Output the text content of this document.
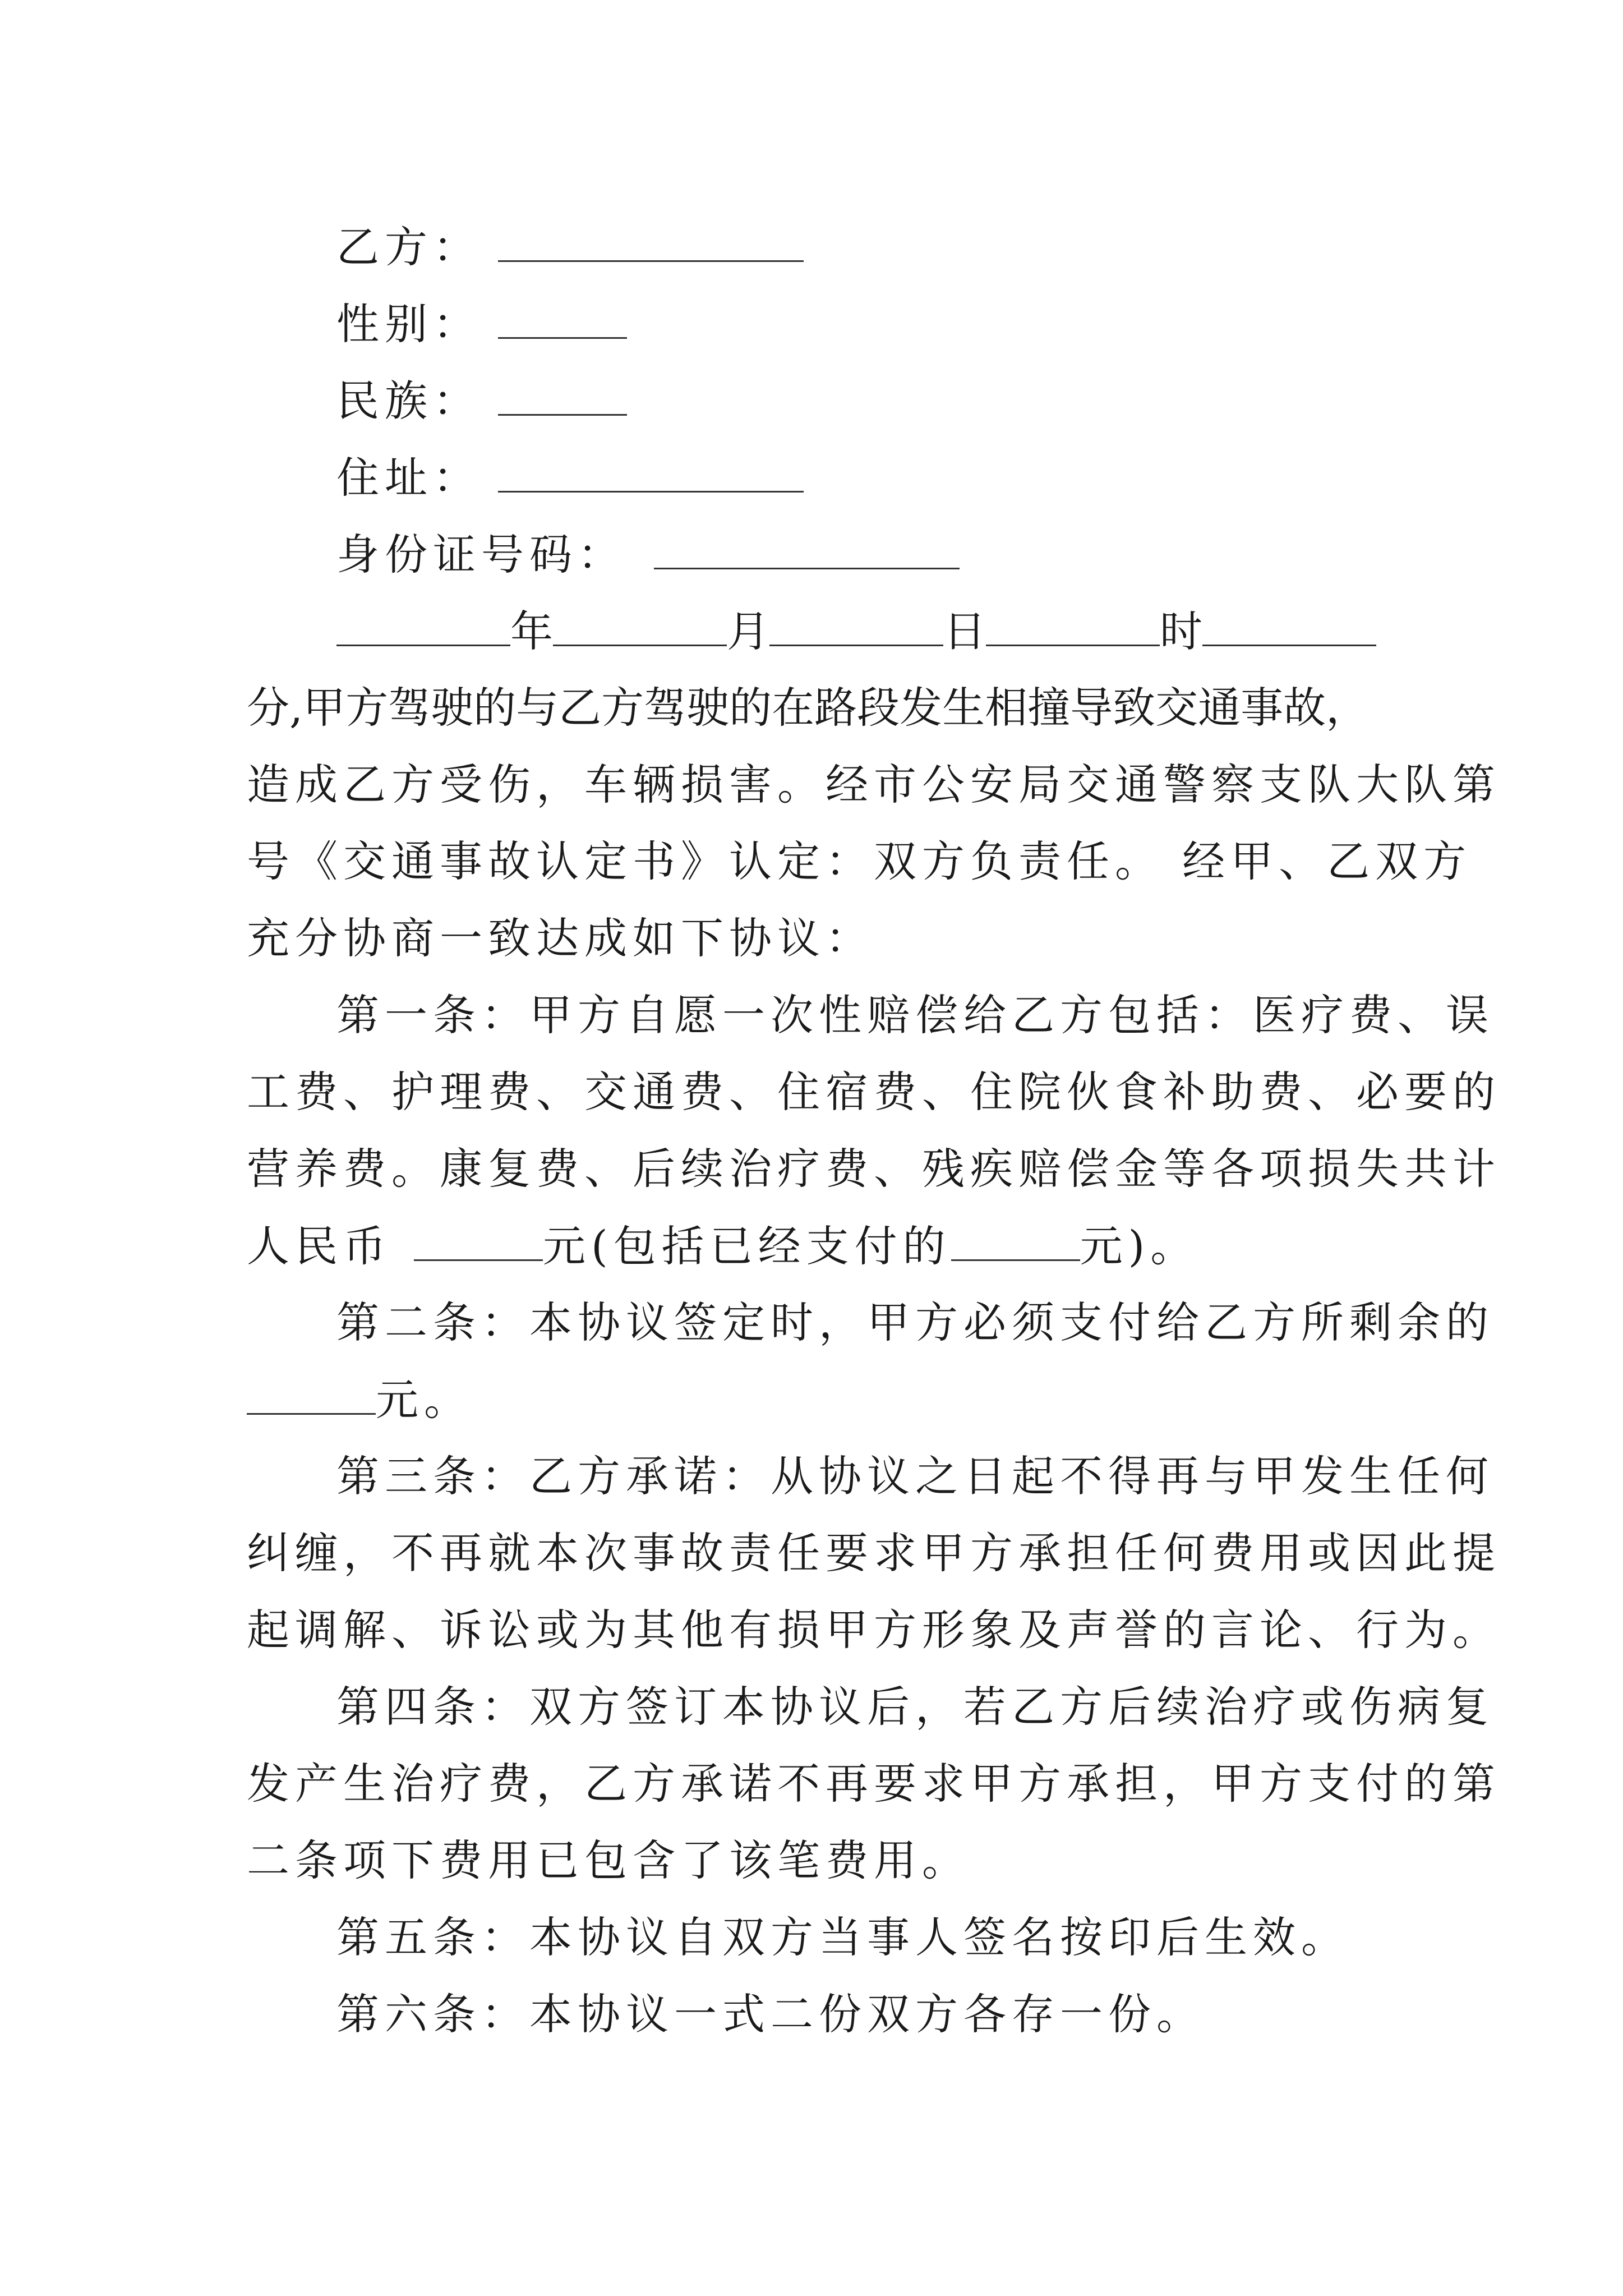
乙方：

性别：

民族：

住址：

身份证号码：

年	月	日	时

分,甲方驾驶的与乙方驾驶的在路段发生相撞导致交通事故，

造成乙方受伤，车辆损害。经市公安局交通警察支队大队第

号《交通事故认定书》认定：双方负责任。 经甲、乙双方

充分协商一致达成如下协议：

第一条：甲方自愿一次性赔偿给乙方包括：医疗费、误

工费、护理费、交通费、住宿费、住院伙食补助费、必要的

营养费。康复费、后续治疗费、残疾赔偿金等各项损失共计

人民币	元(包括已经支付的	元)。

第二条：本协议签定时，甲方必须支付给乙方所剩余的

元。

第三条：乙方承诺：从协议之日起不得再与甲发生任何

纠缠，不再就本次事故责任要求甲方承担任何费用或因此提

起调解、诉讼或为其他有损甲方形象及声誉的言论、行为。

第四条：双方签订本协议后，若乙方后续治疗或伤病复

发产生治疗费，乙方承诺不再要求甲方承担，甲方支付的第

二条项下费用已包含了该笔费用。

第五条：本协议自双方当事人签名按印后生效。

第六条：本协议一式二份双方各存一份。
